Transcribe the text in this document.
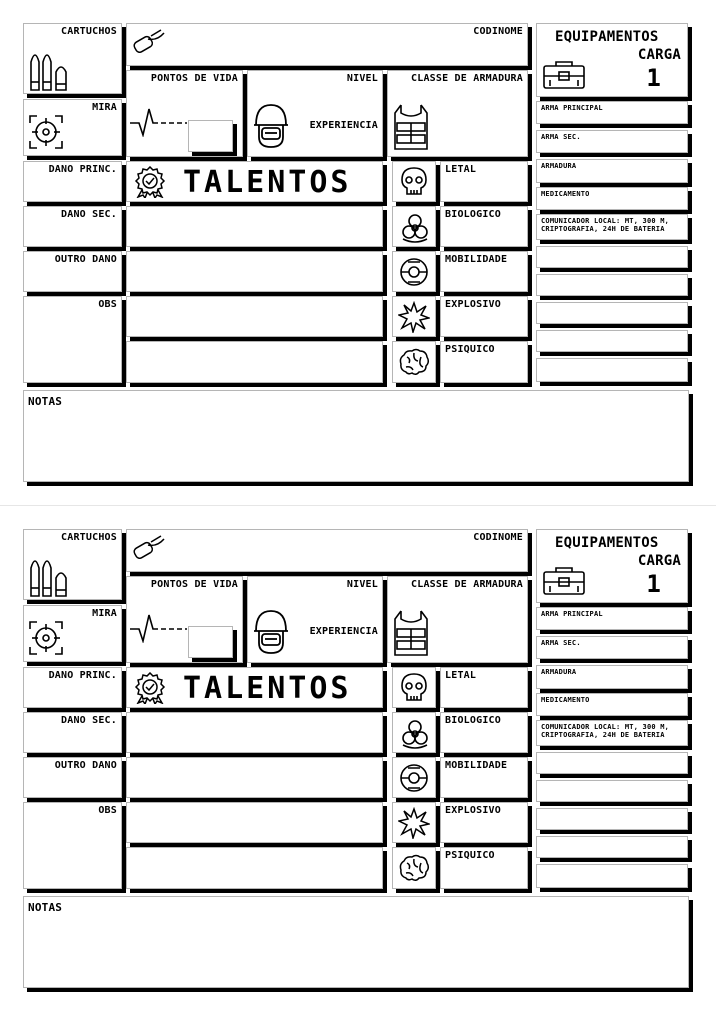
CARTUCHOS
MIRA
CODINOME
PONTOS DE VIDA	NIVEL
EXPERIENCIA
CLASSE DE ARMADURA
TALENTOS
DANO PRINC.
DANO SEC.
OUTRO DANO
OBS
LETAL
BIOLOGICO
MOBILIDADE
EXPLOSIVO
PSIQUICO
EQUIPAMENTOS
CARGA
1
ARMA PRINCIPAL
ARMA SEC.
ARMADURA
MEDICAMENTO
COMUNICADOR LOCAL: MT, 300 M, CRIPTOGRAFIA, 24H DE BATERIA
NOTAS
CARTUCHOS
MIRA
CODINOME
PONTOS DE VIDA	NIVEL
EXPERIENCIA
CLASSE DE ARMADURA
TALENTOS
DANO PRINC.
DANO SEC.
OUTRO DANO
OBS
LETAL
BIOLOGICO
MOBILIDADE
EXPLOSIVO
PSIQUICO
EQUIPAMENTOS
CARGA
1
ARMA PRINCIPAL
ARMA SEC.
ARMADURA
MEDICAMENTO
COMUNICADOR LOCAL: MT, 300 M, CRIPTOGRAFIA, 24H DE BATERIA
NOTAS
